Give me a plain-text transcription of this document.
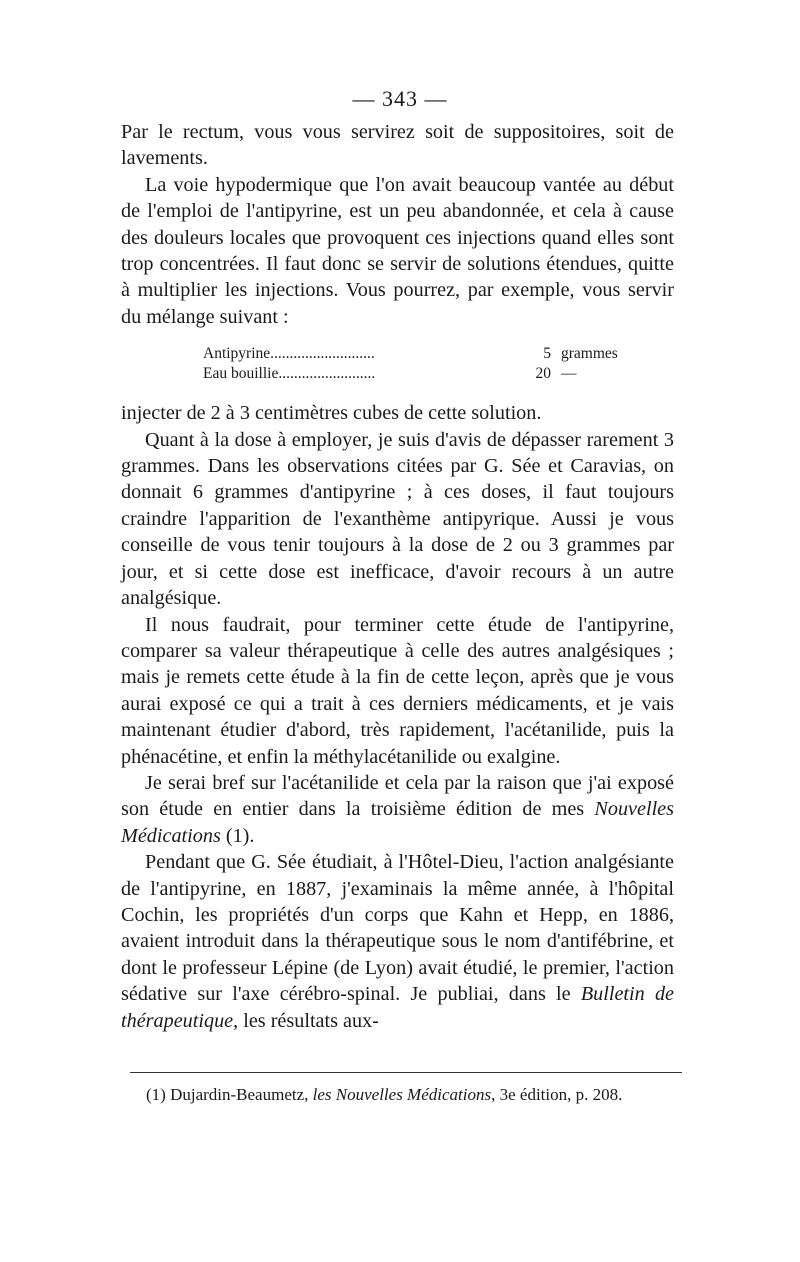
— 343 —

Par le rectum, vous vous servirez soit de suppositoires, soit de lavements.

La voie hypodermique que l'on avait beaucoup vantée au début de l'emploi de l'antipyrine, est un peu abandonnée, et cela à cause des douleurs locales que provoquent ces injections quand elles sont trop concentrées. Il faut donc se servir de solutions étendues, quitte à multiplier les injections. Vous pourrez, par exemple, vous servir du mélange suivant :

Antipyrine...........................	5 grammes
Eau bouillie.........................	20 —

injecter de 2 à 3 centimètres cubes de cette solution.

Quant à la dose à employer, je suis d'avis de dépasser rarement 3 grammes. Dans les observations citées par G. Sée et Caravias, on donnait 6 grammes d'antipyrine ; à ces doses, il faut toujours craindre l'apparition de l'exanthème antipyrique. Aussi je vous conseille de vous tenir toujours à la dose de 2 ou 3 grammes par jour, et si cette dose est inefficace, d'avoir recours à un autre analgésique.

Il nous faudrait, pour terminer cette étude de l'antipyrine, comparer sa valeur thérapeutique à celle des autres analgésiques ; mais je remets cette étude à la fin de cette leçon, après que je vous aurai exposé ce qui a trait à ces derniers médicaments, et je vais maintenant étudier d'abord, très rapidement, l'acétanilide, puis la phénacétine, et enfin la méthylacétanilide ou exalgine.

Je serai bref sur l'acétanilide et cela par la raison que j'ai exposé son étude en entier dans la troisième édition de mes Nouvelles Médications (1).

Pendant que G. Sée étudiait, à l'Hôtel-Dieu, l'action analgésiante de l'antipyrine, en 1887, j'examinais la même année, à l'hôpital Cochin, les propriétés d'un corps que Kahn et Hepp, en 1886, avaient introduit dans la thérapeutique sous le nom d'antifébrine, et dont le professeur Lépine (de Lyon) avait étudié, le premier, l'action sédative sur l'axe cérébro-spinal. Je publiai, dans le Bulletin de thérapeutique, les résultats aux-

(1) Dujardin-Beaumetz, les Nouvelles Médications, 3e édition, p. 208.
